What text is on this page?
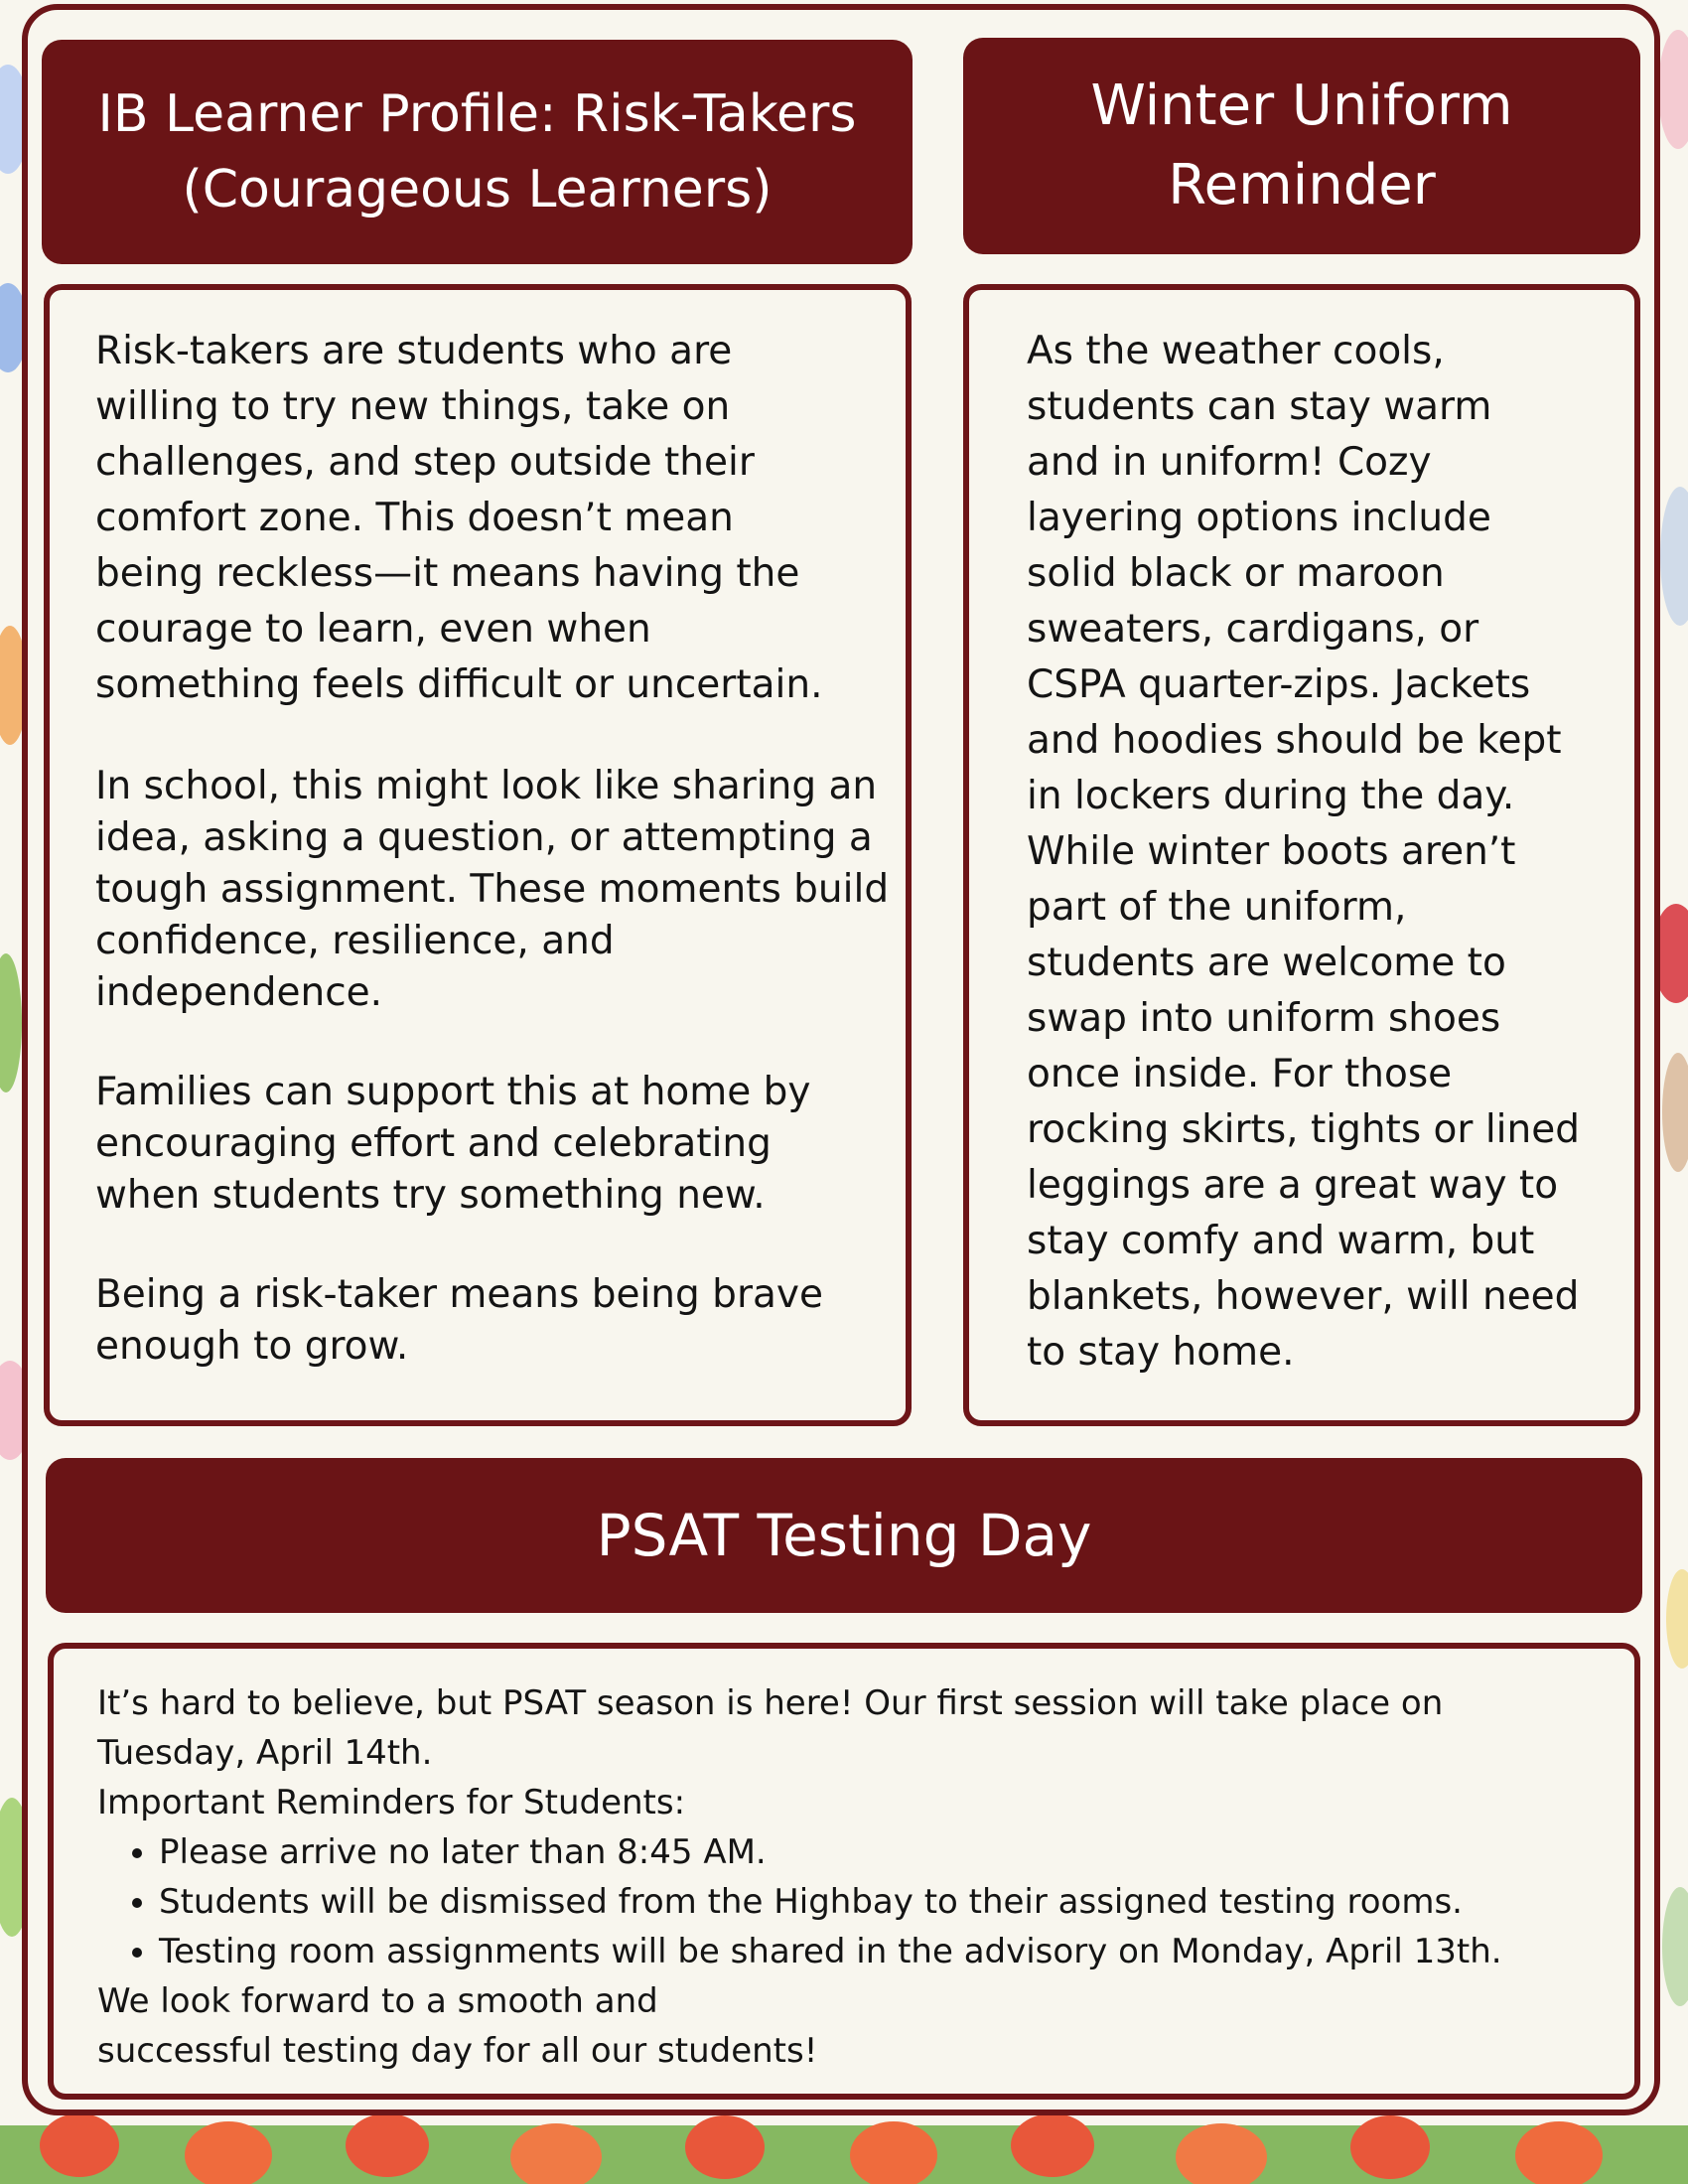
IB Learner Profile: Risk-Takers
(Courageous Learners)
Winter Uniform
Reminder
Risk-takers are students who are
willing to try new things, take on
challenges, and step outside their
comfort zone. This doesn’t mean
being reckless—it means having the
courage to learn, even when
something feels difficult or uncertain.
In school, this might look like sharing an
idea, asking a question, or attempting a
tough assignment. These moments build
confidence, resilience, and
independence.
Families can support this at home by
encouraging effort and celebrating
when students try something new.
Being a risk-taker means being brave
enough to grow.
As the weather cools,
students can stay warm
and in uniform! Cozy
layering options include
solid black or maroon
sweaters, cardigans, or
CSPA quarter-zips. Jackets
and hoodies should be kept
in lockers during the day.
While winter boots aren’t
part of the uniform,
students are welcome to
swap into uniform shoes
once inside. For those
rocking skirts, tights or lined
leggings are a great way to
stay comfy and warm, but
blankets, however, will need
to stay home.
PSAT Testing Day
It’s hard to believe, but PSAT season is here! Our first session will take place on
Tuesday, April 14th.
Important Reminders for Students:
• Please arrive no later than 8:45 AM.
• Students will be dismissed from the Highbay to their assigned testing rooms.
• Testing room assignments will be shared in the advisory on Monday, April 13th.
We look forward to a smooth and
successful testing day for all our students!
